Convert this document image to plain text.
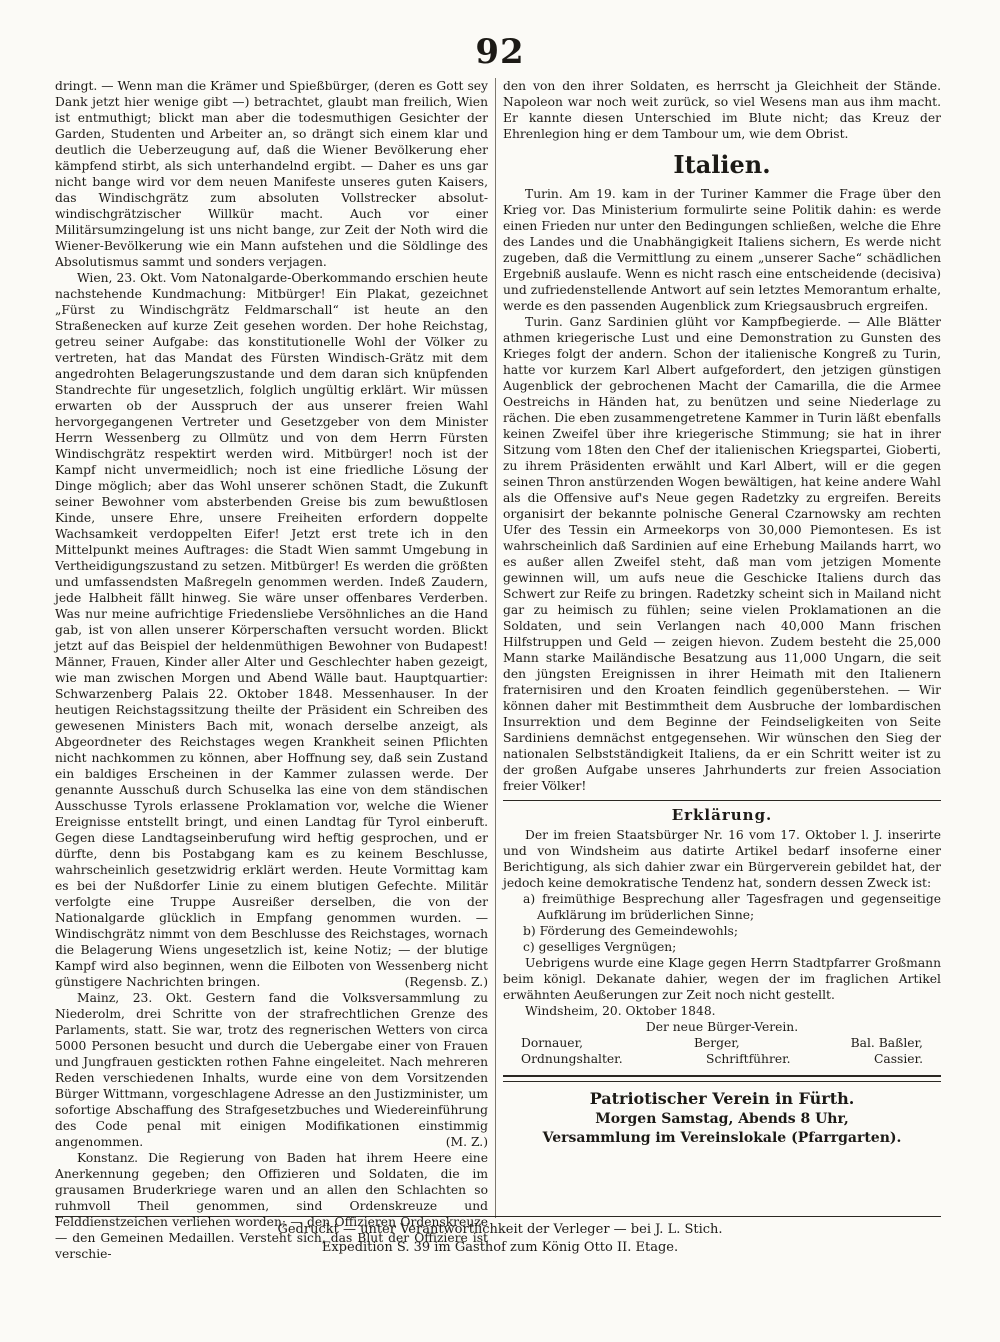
92

dringt. — Wenn man die Krämer und Spießbürger, (deren es Gott sey Dank jetzt hier wenige gibt —) betrachtet, glaubt man freilich, Wien ist entmuthigt; blickt man aber die todesmuthigen Gesichter der Garden, Studenten und Arbeiter an, so drängt sich einem klar und deutlich die Ueberzeugung auf, daß die Wiener Bevölkerung eher kämpfend stirbt, als sich unterhandelnd ergibt. — Daher es uns gar nicht bange wird vor dem neuen Manifeste unseres guten Kaisers, das Windischgrätz zum absoluten Vollstrecker absolut-windischgrätzischer Willkür macht. Auch vor einer Militärsumzingelung ist uns nicht bange, zur Zeit der Noth wird die Wiener-Bevölkerung wie ein Mann aufstehen und die Söldlinge des Absolutismus sammt und sonders verjagen.

Wien, 23. Okt. Vom Natonalgarde-Oberkommando erschien heute nachstehende Kundmachung: Mitbürger! Ein Plakat, gezeichnet „Fürst zu Windischgrätz Feldmarschall“ ist heute an den Straßenecken auf kurze Zeit gesehen worden. Der hohe Reichstag, getreu seiner Aufgabe: das konstitutionelle Wohl der Völker zu vertreten, hat das Mandat des Fürsten Windisch-Grätz mit dem angedrohten Belagerungszustande und dem daran sich knüpfenden Standrechte für ungesetzlich, folglich ungültig erklärt. Wir müssen erwarten ob der Ausspruch der aus unserer freien Wahl hervorgegangenen Vertreter und Gesetzgeber von dem Minister Herrn Wessenberg zu Ollmütz und von dem Herrn Fürsten Windischgrätz respektirt werden wird. Mitbürger! noch ist der Kampf nicht unvermeidlich; noch ist eine friedliche Lösung der Dinge möglich; aber das Wohl unserer schönen Stadt, die Zukunft seiner Bewohner vom absterbenden Greise bis zum bewußtlosen Kinde, unsere Ehre, unsere Freiheiten erfordern doppelte Wachsamkeit verdoppelten Eifer! Jetzt erst trete ich in den Mittelpunkt meines Auftrages: die Stadt Wien sammt Umgebung in Vertheidigungszustand zu setzen. Mitbürger! Es werden die größten und umfassendsten Maßregeln genommen werden. Indeß Zaudern, jede Halbheit fällt hinweg. Sie wäre unser offenbares Verderben. Was nur meine aufrichtige Friedensliebe Versöhnliches an die Hand gab, ist von allen unserer Körperschaften versucht worden. Blickt jetzt auf das Beispiel der heldenmüthigen Bewohner von Budapest! Männer, Frauen, Kinder aller Alter und Geschlechter haben gezeigt, wie man zwischen Morgen und Abend Wälle baut. Hauptquartier: Schwarzenberg Palais 22. Oktober 1848. Messenhauser. In der heutigen Reichstagssitzung theilte der Präsident ein Schreiben des gewesenen Ministers Bach mit, wonach derselbe anzeigt, als Abgeordneter des Reichstages wegen Krankheit seinen Pflichten nicht nachkommen zu können, aber Hoffnung sey, daß sein Zustand ein baldiges Erscheinen in der Kammer zulassen werde. Der genannte Ausschuß durch Schuselka las eine von dem ständischen Ausschusse Tyrols erlassene Proklamation vor, welche die Wiener Ereignisse entstellt bringt, und einen Landtag für Tyrol einberuft. Gegen diese Landtagseinberufung wird heftig gesprochen, und er dürfte, denn bis Postabgang kam es zu keinem Beschlusse, wahrscheinlich gesetzwidrig erklärt werden. Heute Vormittag kam es bei der Nußdorfer Linie zu einem blutigen Gefechte. Militär verfolgte eine Truppe Ausreißer derselben, die von der Nationalgarde glücklich in Empfang genommen wurden. — Windischgrätz nimmt von dem Beschlusse des Reichstages, wornach die Belagerung Wiens ungesetzlich ist, keine Notiz; — der blutige Kampf wird also beginnen, wenn die Eilboten von Wessenberg nicht günstigere Nachrichten bringen.	(Regensb. Z.)

Mainz, 23. Okt. Gestern fand die Volksversammlung zu Niederolm, drei Schritte von der strafrechtlichen Grenze des Parlaments, statt. Sie war, trotz des regnerischen Wetters von circa 5000 Personen besucht und durch die Uebergabe einer von Frauen und Jungfrauen gestickten rothen Fahne eingeleitet. Nach mehreren Reden verschiedenen Inhalts, wurde eine von dem Vorsitzenden Bürger Wittmann, vorgeschlagene Adresse an den Justizminister, um sofortige Abschaffung des Strafgesetzbuches und Wiedereinführung des Code penal mit einigen Modifikationen einstimmig angenommen.	(M. Z.)

Konstanz. Die Regierung von Baden hat ihrem Heere eine Anerkennung gegeben; den Offizieren und Soldaten, die im grausamen Bruderkriege waren und an allen den Schlachten so ruhmvoll Theil genommen, sind Ordenskreuze und Felddienstzeichen verliehen worden; — den Offizieren Ordenskreuze — den Gemeinen Medaillen. Versteht sich, das Blut der Offiziere ist verschie-

den von den ihrer Soldaten, es herrscht ja Gleichheit der Stände. Napoleon war noch weit zurück, so viel Wesens man aus ihm macht. Er kannte diesen Unterschied im Blute nicht; das Kreuz der Ehrenlegion hing er dem Tambour um, wie dem Obrist.

Italien.

Turin. Am 19. kam in der Turiner Kammer die Frage über den Krieg vor. Das Ministerium formulirte seine Politik dahin: es werde einen Frieden nur unter den Bedingungen schließen, welche die Ehre des Landes und die Unabhängigkeit Italiens sichern, Es werde nicht zugeben, daß die Vermittlung zu einem „unserer Sache“ schädlichen Ergebniß auslaufe. Wenn es nicht rasch eine entscheidende (decisiva) und zufriedenstellende Antwort auf sein letztes Memorantum erhalte, werde es den passenden Augenblick zum Kriegsausbruch ergreifen.

Turin. Ganz Sardinien glüht vor Kampfbegierde. — Alle Blätter athmen kriegerische Lust und eine Demonstration zu Gunsten des Krieges folgt der andern. Schon der italienische Kongreß zu Turin, hatte vor kurzem Karl Albert aufgefordert, den jetzigen günstigen Augenblick der gebrochenen Macht der Camarilla, die die Armee Oestreichs in Händen hat, zu benützen und seine Niederlage zu rächen. Die eben zusammengetretene Kammer in Turin läßt ebenfalls keinen Zweifel über ihre kriegerische Stimmung; sie hat in ihrer Sitzung vom 18ten den Chef der italienischen Kriegspartei, Gioberti, zu ihrem Präsidenten erwählt und Karl Albert, will er die gegen seinen Thron anstürzenden Wogen bewältigen, hat keine andere Wahl als die Offensive auf's Neue gegen Radetzky zu ergreifen. Bereits organisirt der bekannte polnische General Czarnowsky am rechten Ufer des Tessin ein Armeekorps von 30,000 Piemontesen. Es ist wahrscheinlich daß Sardinien auf eine Erhebung Mailands harrt, wo es außer allen Zweifel steht, daß man vom jetzigen Momente gewinnen will, um aufs neue die Geschicke Italiens durch das Schwert zur Reife zu bringen. Radetzky scheint sich in Mailand nicht gar zu heimisch zu fühlen; seine vielen Proklamationen an die Soldaten, und sein Verlangen nach 40,000 Mann frischen Hilfstruppen und Geld — zeigen hievon. Zudem besteht die 25,000 Mann starke Mailändische Besatzung aus 11,000 Ungarn, die seit den jüngsten Ereignissen in ihrer Heimath mit den Italienern fraternisiren und den Kroaten feindlich gegenüberstehen. — Wir können daher mit Bestimmtheit dem Ausbruche der lombardischen Insurrektion und dem Beginne der Feindseligkeiten von Seite Sardiniens demnächst entgegensehen. Wir wünschen den Sieg der nationalen Selbstständigkeit Italiens, da er ein Schritt weiter ist zu der großen Aufgabe unseres Jahrhunderts zur freien Association freier Völker!

Erklärung.

Der im freien Staatsbürger Nr. 16 vom 17. Oktober l. J. inserirte und von Windsheim aus datirte Artikel bedarf insoferne einer Berichtigung, als sich dahier zwar ein Bürgerverein gebildet hat, der jedoch keine demokratische Tendenz hat, sondern dessen Zweck ist:

a) freimüthige Besprechung aller Tagesfragen und gegenseitige Aufklärung im brüderlichen Sinne;
b) Förderung des Gemeindewohls;
c) geselliges Vergnügen;

Uebrigens wurde eine Klage gegen Herrn Stadtpfarrer Großmann beim königl. Dekanate dahier, wegen der im fraglichen Artikel erwähnten Aeußerungen zur Zeit noch nicht gestellt.

Windsheim, 20. Oktober 1848.

Der neue Bürger-Verein.
Dornauer,	Berger,	Bal. Baßler,
Ordnungshalter.	Schriftführer.	Cassier.
Patriotischer Verein in Fürth.
Morgen Samstag, Abends 8 Uhr,
Versammlung im Vereinslokale (Pfarrgarten).
Gedruckt — unter Verantwortlichkeit der Verleger — bei J. L. Stich.
Expedition S. 39 im Gasthof zum König Otto II. Etage.
